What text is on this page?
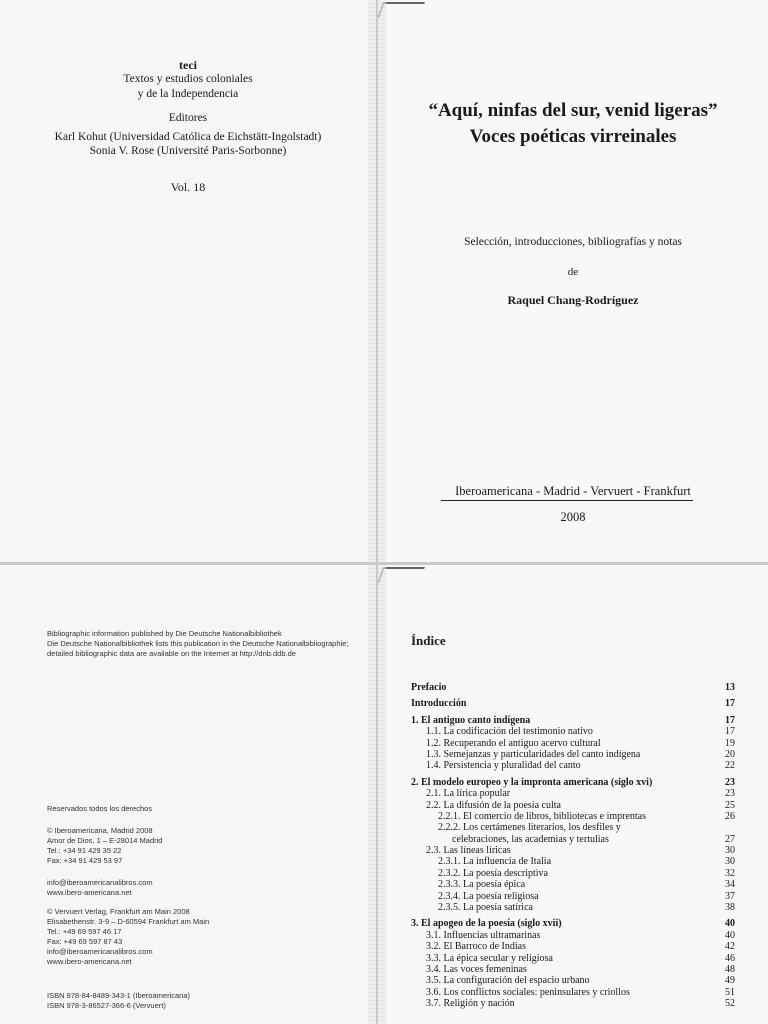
teci
Textos y estudios coloniales
y de la Independencia
Editores
Karl Kohut (Universidad Católica de Eichstätt-Ingolstadt)
Sonia V. Rose (Université Paris-Sorbonne)
Vol. 18
“Aquí, ninfas del sur, venid ligeras”
Voces poéticas virreinales
Selección, introducciones, bibliografías y notas
de
Raquel Chang-Rodríguez
Iberoamericana - Madrid - Vervuert - Frankfurt
2008
Bibliographic information published by Die Deutsche Nationalbibliothek
Die Deutsche Nationalbibliothek lists this publication in the Deutsche Nationalbibliographie;
detailed bibliographic data are available on the Internet at http://dnb.ddb.de
Reservados todos los derechos
© Iberoamericana, Madrid 2008
Amor de Dios, 1 – E-28014 Madrid
Tel.: +34 91 429 35 22
Fax: +34 91 429 53 97
info@iberoamericanalibros.com
www.ibero-americana.net
© Vervuert Verlag, Frankfurt am Main 2008
Elisabethenstr. 3-9 – D-60594 Frankfurt am Main
Tel.: +49 69 597 46 17
Fax: +49 69 597 87 43
info@iberoamericanalibros.com
www.ibero-americana.net
ISBN 978-84-8489-343-1 (Iberoamericana)
ISBN 978-3-86527-366-6 (Vervuert)
Índice
Prefacio	13
Introducción	17
1. El antiguo canto indígena	17
1.1. La codificación del testimonio nativo	17
1.2. Recuperando el antiguo acervo cultural	19
1.3. Semejanzas y particularidades del canto indígena	20
1.4. Persistencia y pluralidad del canto	22
2. El modelo europeo y la impronta americana (siglo xvi)	23
2.1. La lírica popular	23
2.2. La difusión de la poesía culta	25
2.2.1. El comercio de libros, bibliotecas e imprentas	26
2.2.2. Los certámenes literarios, los desfiles y
celebraciones, las academias y tertulias	27
2.3. Las líneas líricas	30
2.3.1. La influencia de Italia	30
2.3.2. La poesía descriptiva	32
2.3.3. La poesía épica	34
2.3.4. La poesía religiosa	37
2.3.5. La poesía satírica	38
3. El apogeo de la poesía (siglo xvii)	40
3.1. Influencias ultramarinas	40
3.2. El Barroco de Indias	42
3.3. La épica secular y religiosa	46
3.4. Las voces femeninas	48
3.5. La configuración del espacio urbano	49
3.6. Los conflictos sociales: peninsulares y criollos	51
3.7. Religión y nación	52
